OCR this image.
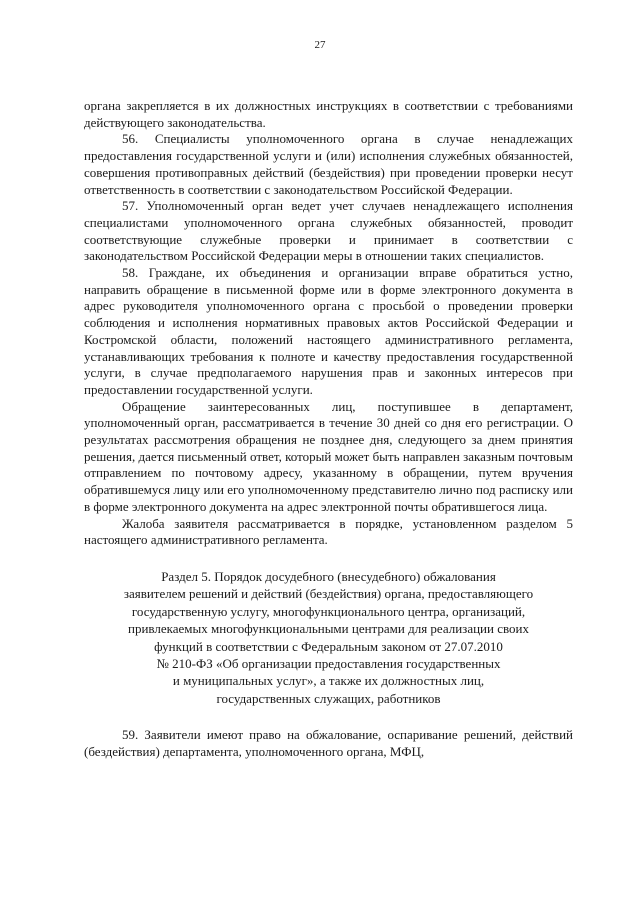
27

органа закрепляется в их должностных инструкциях в соответствии с требованиями действующего законодательства.

56. Специалисты уполномоченного органа в случае ненадлежащих предоставления государственной услуги и (или) исполнения служебных обязанностей, совершения противоправных действий (бездействия) при проведении проверки несут ответственность в соответствии с законодательством Российской Федерации.

57. Уполномоченный орган ведет учет случаев ненадлежащего исполнения специалистами уполномоченного органа служебных обязанностей, проводит соответствующие служебные проверки и принимает в соответствии с законодательством Российской Федерации меры в отношении таких специалистов.

58. Граждане, их объединения и организации вправе обратиться устно, направить обращение в письменной форме или в форме электронного документа в адрес руководителя уполномоченного органа с просьбой о проведении проверки соблюдения и исполнения нормативных правовых актов Российской Федерации и Костромской области, положений настоящего административного регламента, устанавливающих требования к полноте и качеству предоставления государственной услуги, в случае предполагаемого нарушения прав и законных интересов при предоставлении государственной услуги.

Обращение заинтересованных лиц, поступившее в департамент, уполномоченный орган, рассматривается в течение 30 дней со дня его регистрации. О результатах рассмотрения обращения не позднее дня, следующего за днем принятия решения, дается письменный ответ, который может быть направлен заказным почтовым отправлением по почтовому адресу, указанному в обращении, путем вручения обратившемуся лицу или его уполномоченному представителю лично под расписку или в форме электронного документа на адрес электронной почты обратившегося лица.

Жалоба заявителя рассматривается в порядке, установленном разделом 5 настоящего административного регламента.

Раздел 5. Порядок досудебного (внесудебного) обжалования
заявителем решений и действий (бездействия) органа, предоставляющего
государственную услугу, многофункционального центра, организаций,
привлекаемых многофункциональными центрами для реализации своих
функций в соответствии с Федеральным законом от 27.07.2010
№ 210-ФЗ «Об организации предоставления государственных
и муниципальных услуг», а также их должностных лиц,
государственных служащих, работников

59. Заявители имеют право на обжалование, оспаривание решений, действий (бездействия) департамента, уполномоченного органа, МФЦ,
